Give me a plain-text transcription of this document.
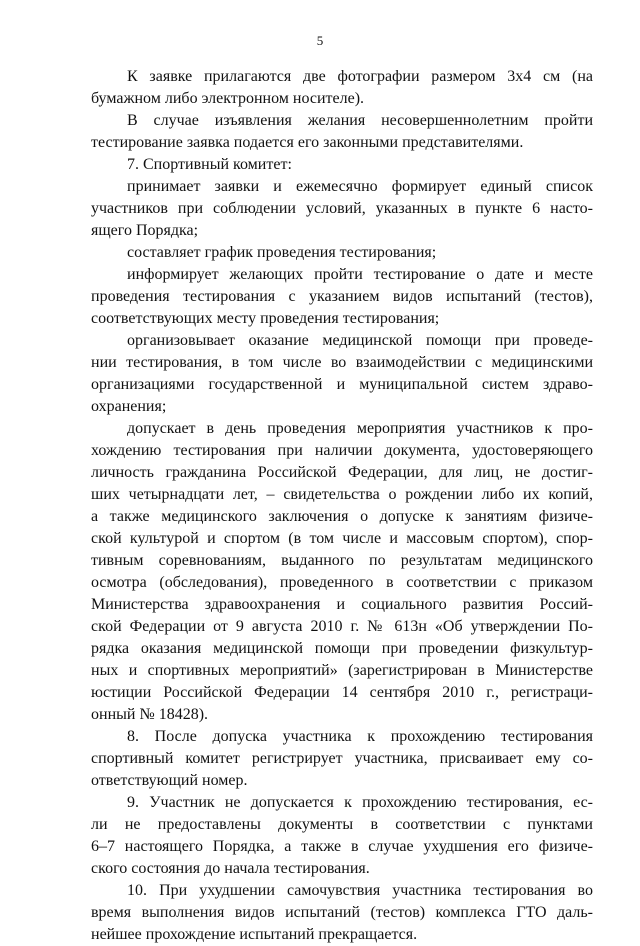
5
К заявке прилагаются две фотографии размером 3х4 см (на
бумажном либо электронном носителе).
В случае изъявления желания несовершеннолетним пройти
тестирование заявка подается его законными представителями.
7. Спортивный комитет:
принимает заявки и ежемесячно формирует единый список
участников при соблюдении условий, указанных в пункте 6 насто-
ящего Порядка;
составляет график проведения тестирования;
информирует желающих пройти тестирование о дате и месте
проведения тестирования с указанием видов испытаний (тестов),
соответствующих месту проведения тестирования;
организовывает оказание медицинской помощи при проведе-
нии тестирования, в том числе во взаимодействии с медицинскими
организациями государственной и муниципальной систем здраво-
охранения;
допускает в день проведения мероприятия участников к про-
хождению тестирования при наличии документа, удостоверяющего
личность гражданина Российской Федерации, для лиц, не достиг-
ших четырнадцати лет, – свидетельства о рождении либо их копий,
а также медицинского заключения о допуске к занятиям физиче-
ской культурой и спортом (в том числе и массовым спортом), спор-
тивным соревнованиям, выданного по результатам медицинского
осмотра (обследования), проведенного в соответствии с приказом
Министерства здравоохранения и социального развития Россий-
ской Федерации от 9 августа 2010 г. № 613н «Об утверждении По-
рядка оказания медицинской помощи при проведении физкультур-
ных и спортивных мероприятий» (зарегистрирован в Министерстве
юстиции Российской Федерации 14 сентября 2010 г., регистраци-
онный № 18428).
8. После допуска участника к прохождению тестирования
спортивный комитет регистрирует участника, присваивает ему со-
ответствующий номер.
9. Участник не допускается к прохождению тестирования, ес-
ли не предоставлены документы в соответствии с пунктами
6–7 настоящего Порядка, а также в случае ухудшения его физиче-
ского состояния до начала тестирования.
10. При ухудшении самочувствия участника тестирования во
время выполнения видов испытаний (тестов) комплекса ГТО даль-
нейшее прохождение испытаний прекращается.
